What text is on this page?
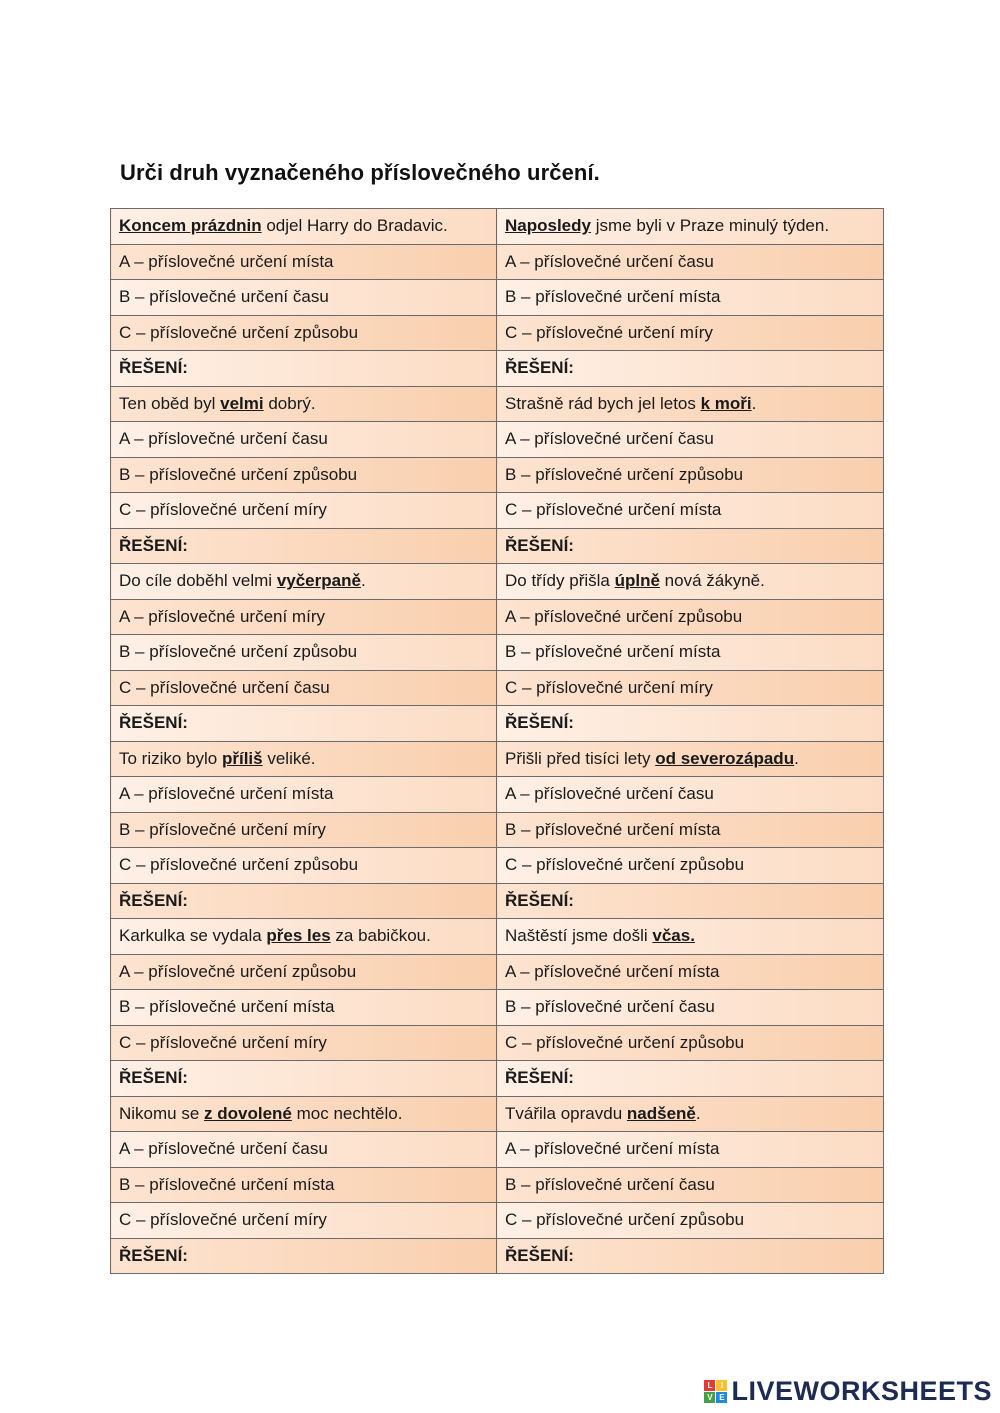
Urči druh vyznačeného příslovečného určení.
Koncem prázdnin odjel Harry do Bradavic.	Naposledy jsme byli v Praze minulý týden.
A – příslovečné určení místa	A – příslovečné určení času
B – příslovečné určení času	B – příslovečné určení místa
C – příslovečné určení způsobu	C – příslovečné určení míry
ŘEŠENÍ:	ŘEŠENÍ:
Ten oběd byl velmi dobrý.	Strašně rád bych jel letos k moři.
A – příslovečné určení času	A – příslovečné určení času
B – příslovečné určení způsobu	B – příslovečné určení způsobu
C – příslovečné určení míry	C – příslovečné určení místa
ŘEŠENÍ:	ŘEŠENÍ:
Do cíle doběhl velmi vyčerpaně.	Do třídy přišla úplně nová žákyně.
A – příslovečné určení míry	A – příslovečné určení způsobu
B – příslovečné určení způsobu	B – příslovečné určení místa
C – příslovečné určení času	C – příslovečné určení míry
ŘEŠENÍ:	ŘEŠENÍ:
To riziko bylo příliš veliké.	Přišli před tisíci lety od severozápadu.
A – příslovečné určení místa	A – příslovečné určení času
B – příslovečné určení míry	B – příslovečné určení místa
C – příslovečné určení způsobu	C – příslovečné určení způsobu
ŘEŠENÍ:	ŘEŠENÍ:
Karkulka se vydala přes les za babičkou.	Naštěstí jsme došli včas.
A – příslovečné určení způsobu	A – příslovečné určení místa
B – příslovečné určení místa	B – příslovečné určení času
C – příslovečné určení míry	C – příslovečné určení způsobu
ŘEŠENÍ:	ŘEŠENÍ:
Nikomu se z dovolené moc nechtělo.	Tvářila opravdu nadšeně.
A – příslovečné určení času	A – příslovečné určení místa
B – příslovečné určení místa	B – příslovečné určení času
C – příslovečné určení míry	C – příslovečné určení způsobu
ŘEŠENÍ:	ŘEŠENÍ:
L	I
V E LIVEWORKSHEETS
